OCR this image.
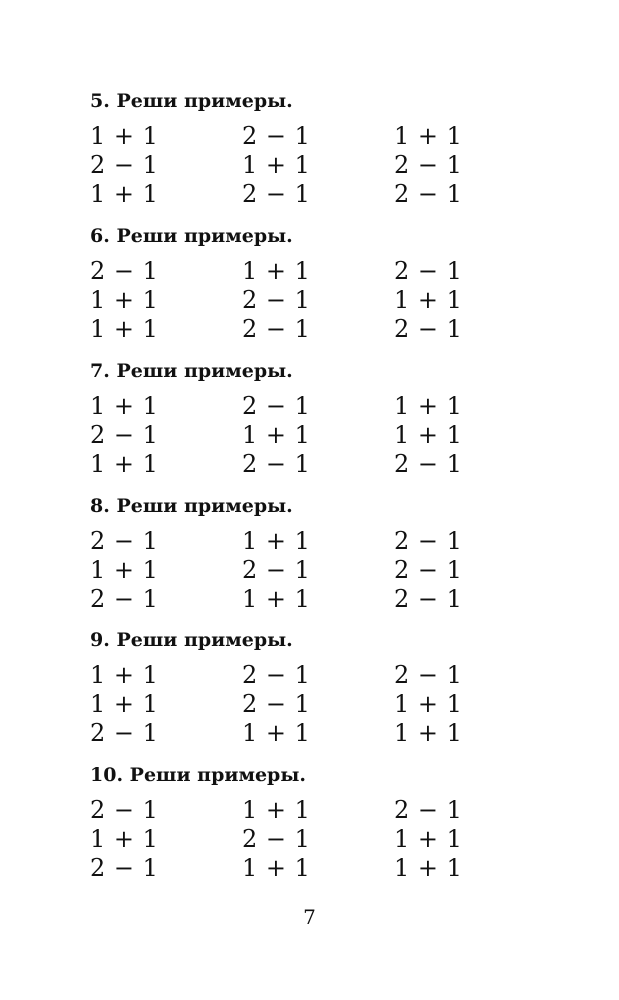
5. Реши примеры.
1 + 1	2 − 1	1 + 1
2 − 1	1 + 1	2 − 1
1 + 1	2 − 1	2 − 1
6. Реши примеры.
2 − 1	1 + 1	2 − 1
1 + 1	2 − 1	1 + 1
1 + 1	2 − 1	2 − 1
7. Реши примеры.
1 + 1	2 − 1	1 + 1
2 − 1	1 + 1	1 + 1
1 + 1	2 − 1	2 − 1
8. Реши примеры.
2 − 1	1 + 1	2 − 1
1 + 1	2 − 1	2 − 1
2 − 1	1 + 1	2 − 1
9. Реши примеры.
1 + 1	2 − 1	2 − 1
1 + 1	2 − 1	1 + 1
2 − 1	1 + 1	1 + 1
10. Реши примеры.
2 − 1	1 + 1	2 − 1
1 + 1	2 − 1	1 + 1
2 − 1	1 + 1	1 + 1
7
